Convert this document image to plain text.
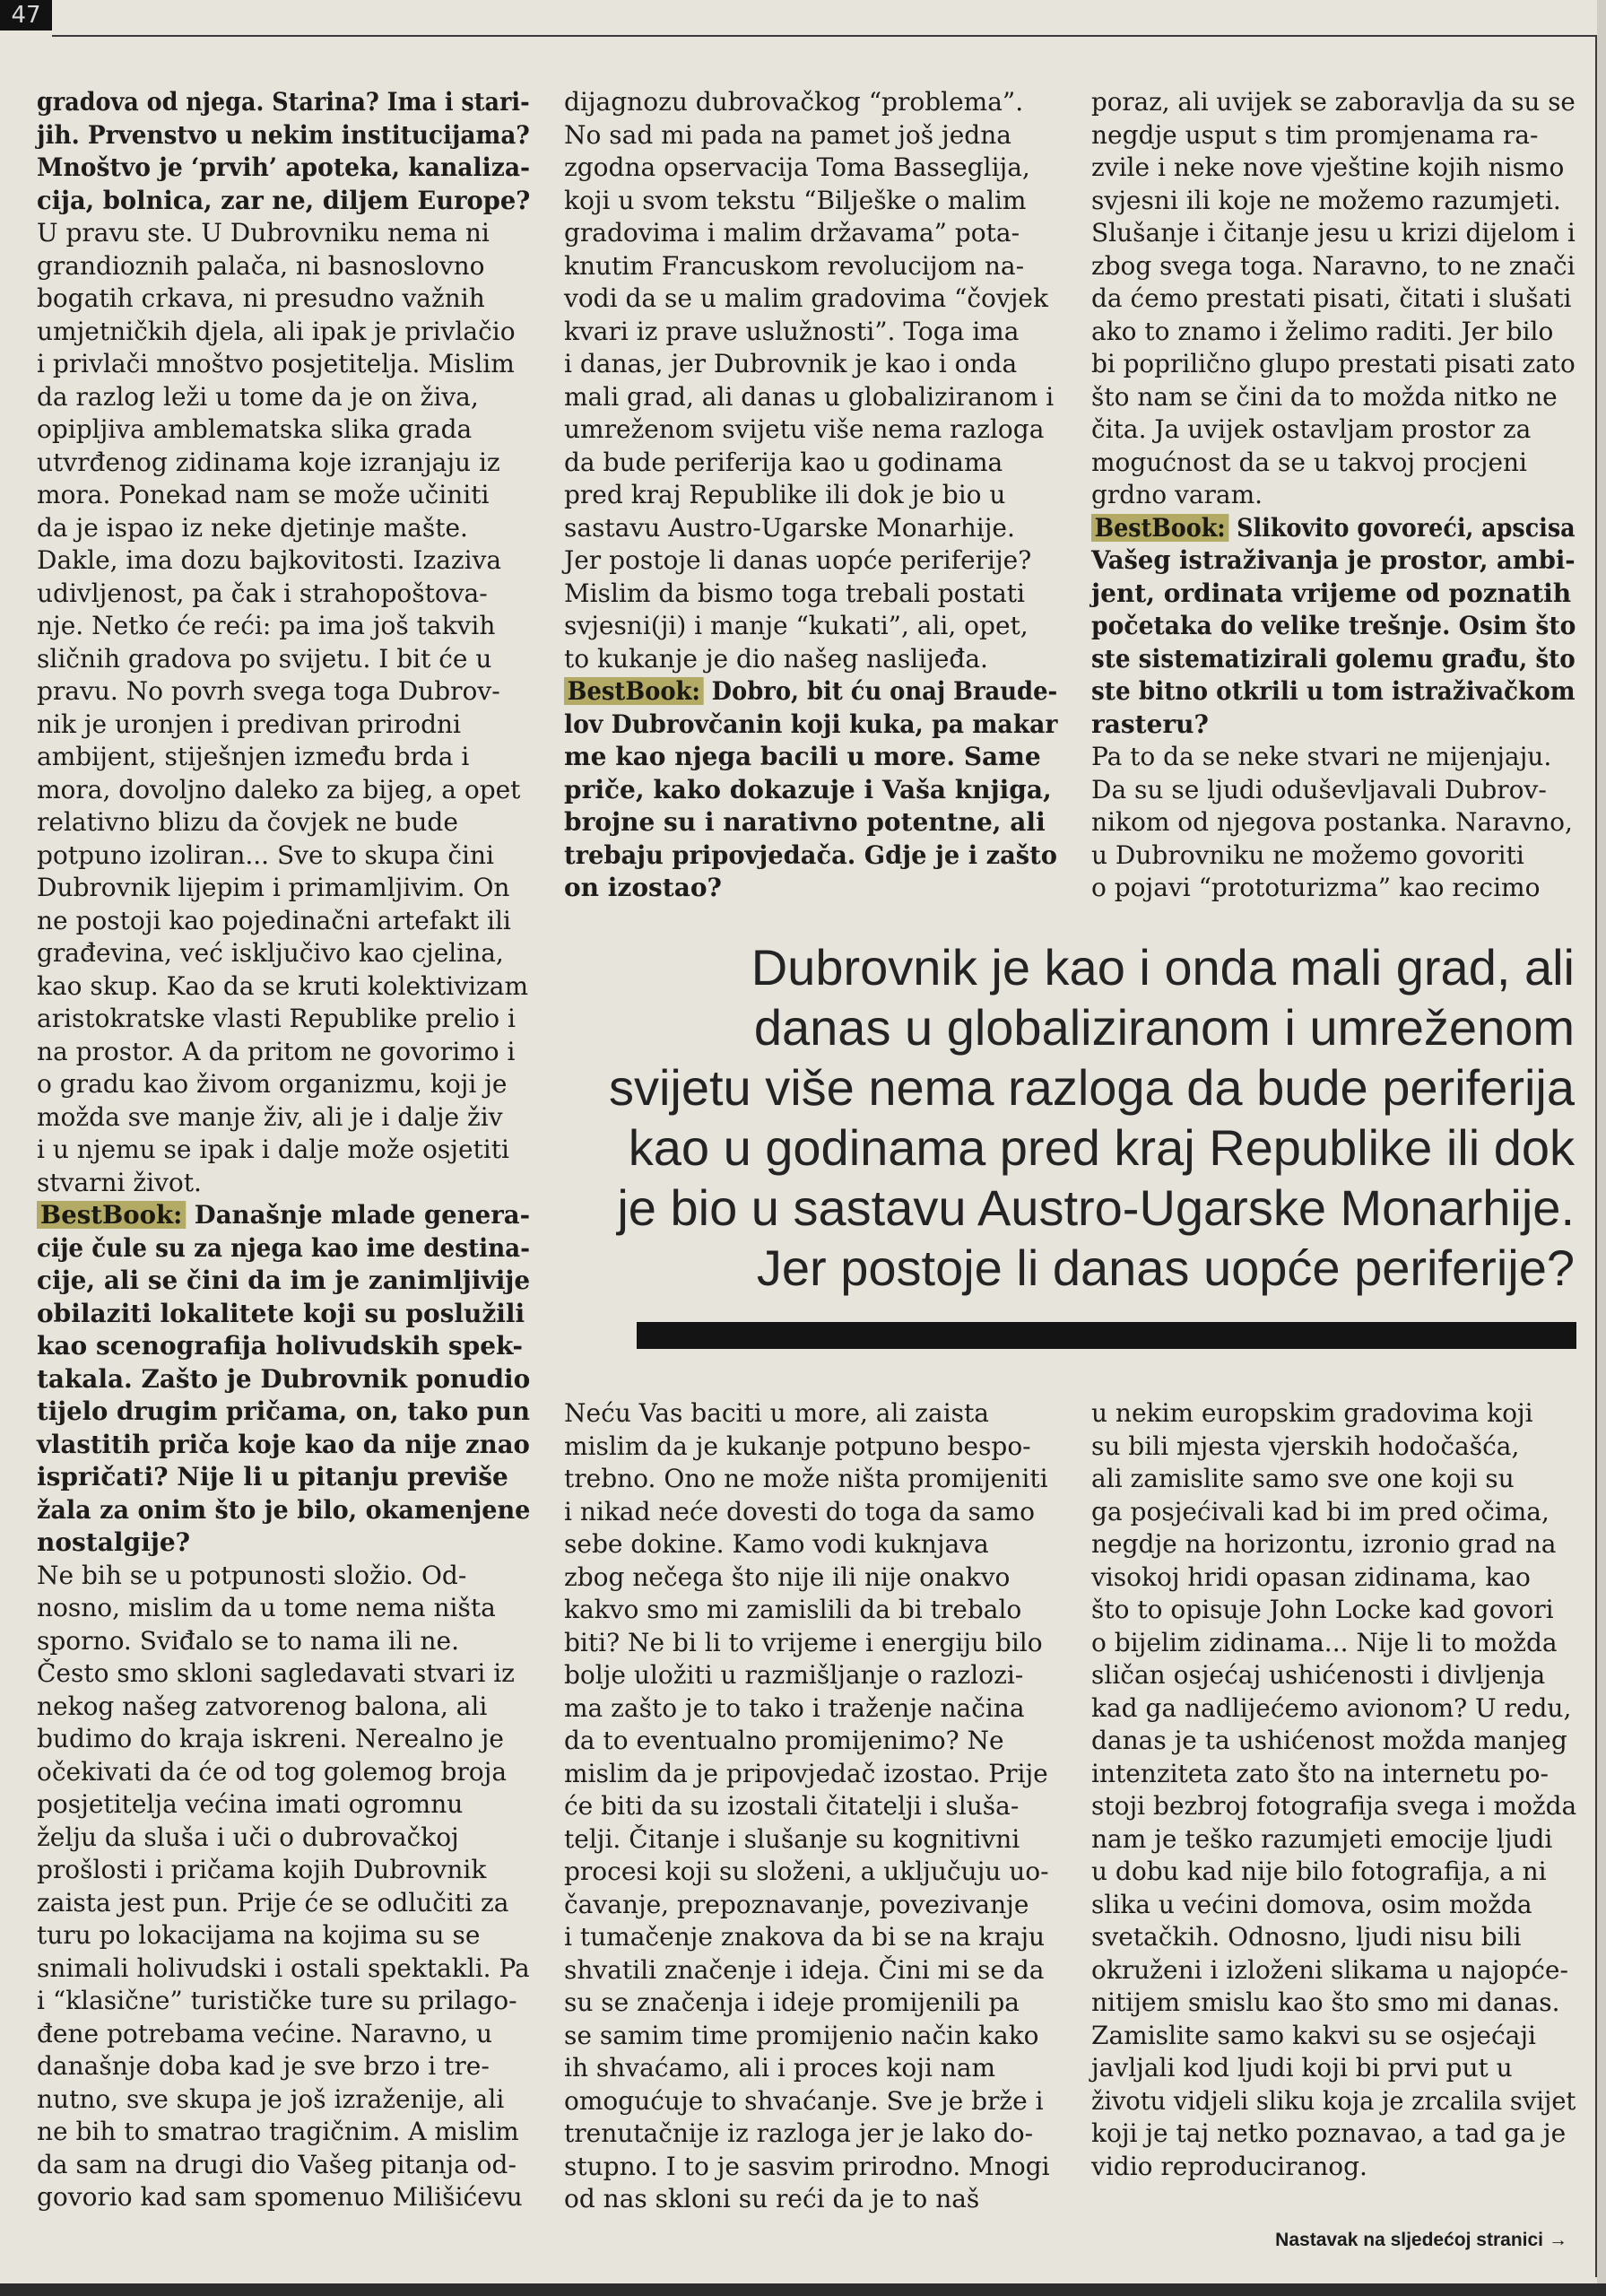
47
gradova od njega. Starina? Ima i stari-
jih. Prvenstvo u nekim institucijama?
Mnoštvo je ‘prvih’ apoteka, kanaliza-
cija, bolnica, zar ne, diljem Europe?
U pravu ste. U Dubrovniku nema ni
grandioznih palača, ni basnoslovno
bogatih crkava, ni presudno važnih
umjetničkih djela, ali ipak je privlačio
i privlači mnoštvo posjetitelja. Mislim
da razlog leži u tome da je on živa,
opipljiva amblematska slika grada
utvrđenog zidinama koje izranjaju iz
mora. Ponekad nam se može učiniti
da je ispao iz neke djetinje mašte.
Dakle, ima dozu bajkovitosti. Izaziva
udivljenost, pa čak i strahopoštova-
nje. Netko će reći: pa ima još takvih
sličnih gradova po svijetu. I bit će u
pravu. No povrh svega toga Dubrov-
nik je uronjen i predivan prirodni
ambijent, stiješnjen između brda i
mora, dovoljno daleko za bijeg, a opet
relativno blizu da čovjek ne bude
potpuno izoliran... Sve to skupa čini
Dubrovnik lijepim i primamljivim. On
ne postoji kao pojedinačni artefakt ili
građevina, već isključivo kao cjelina,
kao skup. Kao da se kruti kolektivizam
aristokratske vlasti Republike prelio i
na prostor. A da pritom ne govorimo i
o gradu kao živom organizmu, koji je
možda sve manje živ, ali je i dalje živ
i u njemu se ipak i dalje može osjetiti
stvarni život.
BestBook: Današnje mlade genera-
cije čule su za njega kao ime destina-
cije, ali se čini da im je zanimljivije
obilaziti lokalitete koji su poslužili
kao scenografija holivudskih spek-
takala. Zašto je Dubrovnik ponudio
tijelo drugim pričama, on, tako pun
vlastitih priča koje kao da nije znao
ispričati? Nije li u pitanju previše
žala za onim što je bilo, okamenjene
nostalgije?
Ne bih se u potpunosti složio. Od-
nosno, mislim da u tome nema ništa
sporno. Sviđalo se to nama ili ne.
Često smo skloni sagledavati stvari iz
nekog našeg zatvorenog balona, ali
budimo do kraja iskreni. Nerealno je
očekivati da će od tog golemog broja
posjetitelja većina imati ogromnu
želju da sluša i uči o dubrovačkoj
prošlosti i pričama kojih Dubrovnik
zaista jest pun. Prije će se odlučiti za
turu po lokacijama na kojima su se
snimali holivudski i ostali spektakli. Pa
i “klasične” turističke ture su prilago-
đene potrebama većine. Naravno, u
današnje doba kad je sve brzo i tre-
nutno, sve skupa je još izraženije, ali
ne bih to smatrao tragičnim. A mislim
da sam na drugi dio Vašeg pitanja od-
govorio kad sam spomenuo Milišićevu
dijagnozu dubrovačkog “problema”.
No sad mi pada na pamet još jedna
zgodna opservacija Toma Basseglija,
koji u svom tekstu “Bilješke o malim
gradovima i malim državama” pota-
knutim Francuskom revolucijom na-
vodi da se u malim gradovima “čovjek
kvari iz prave uslužnosti”. Toga ima
i danas, jer Dubrovnik je kao i onda
mali grad, ali danas u globaliziranom i
umreženom svijetu više nema razloga
da bude periferija kao u godinama
pred kraj Republike ili dok je bio u
sastavu Austro-Ugarske Monarhije.
Jer postoje li danas uopće periferije?
Mislim da bismo toga trebali postati
svjesni(ji) i manje “kukati”, ali, opet,
to kukanje je dio našeg naslijeđa.
BestBook: Dobro, bit ću onaj Braude-
lov Dubrovčanin koji kuka, pa makar
me kao njega bacili u more. Same
priče, kako dokazuje i Vaša knjiga,
brojne su i narativno potentne, ali
trebaju pripovjedača. Gdje je i zašto
on izostao?
poraz, ali uvijek se zaboravlja da su se
negdje usput s tim promjenama ra-
zvile i neke nove vještine kojih nismo
svjesni ili koje ne možemo razumjeti.
Slušanje i čitanje jesu u krizi dijelom i
zbog svega toga. Naravno, to ne znači
da ćemo prestati pisati, čitati i slušati
ako to znamo i želimo raditi. Jer bilo
bi poprilično glupo prestati pisati zato
što nam se čini da to možda nitko ne
čita. Ja uvijek ostavljam prostor za
mogućnost da se u takvoj procjeni
grdno varam.
BestBook: Slikovito govoreći, apscisa
Vašeg istraživanja je prostor, ambi-
jent, ordinata vrijeme od poznatih
početaka do velike trešnje. Osim što
ste sistematizirali golemu građu, što
ste bitno otkrili u tom istraživačkom
rasteru?
Pa to da se neke stvari ne mijenjaju.
Da su se ljudi oduševljavali Dubrov-
nikom od njegova postanka. Naravno,
u Dubrovniku ne možemo govoriti
o pojavi “prototurizma” kao recimo
Dubrovnik je kao i onda mali grad, ali
danas u globaliziranom i umreženom
svijetu više nema razloga da bude periferija
kao u godinama pred kraj Republike ili dok
je bio u sastavu Austro-Ugarske Monarhije.
Jer postoje li danas uopće periferije?
Neću Vas baciti u more, ali zaista
mislim da je kukanje potpuno bespo-
trebno. Ono ne može ništa promijeniti
i nikad neće dovesti do toga da samo
sebe dokine. Kamo vodi kuknjava
zbog nečega što nije ili nije onakvo
kakvo smo mi zamislili da bi trebalo
biti? Ne bi li to vrijeme i energiju bilo
bolje uložiti u razmišljanje o razlozi-
ma zašto je to tako i traženje načina
da to eventualno promijenimo? Ne
mislim da je pripovjedač izostao. Prije
će biti da su izostali čitatelji i sluša-
telji. Čitanje i slušanje su kognitivni
procesi koji su složeni, a uključuju uo-
čavanje, prepoznavanje, povezivanje
i tumačenje znakova da bi se na kraju
shvatili značenje i ideja. Čini mi se da
su se značenja i ideje promijenili pa
se samim time promijenio način kako
ih shvaćamo, ali i proces koji nam
omogućuje to shvaćanje. Sve je brže i
trenutačnije iz razloga jer je lako do-
stupno. I to je sasvim prirodno. Mnogi
od nas skloni su reći da je to naš
u nekim europskim gradovima koji
su bili mjesta vjerskih hodočašća,
ali zamislite samo sve one koji su
ga posjećivali kad bi im pred očima,
negdje na horizontu, izronio grad na
visokoj hridi opasan zidinama, kao
što to opisuje John Locke kad govori
o bijelim zidinama... Nije li to možda
sličan osjećaj ushićenosti i divljenja
kad ga nadlijećemo avionom? U redu,
danas je ta ushićenost možda manjeg
intenziteta zato što na internetu po-
stoji bezbroj fotografija svega i možda
nam je teško razumjeti emocije ljudi
u dobu kad nije bilo fotografija, a ni
slika u većini domova, osim možda
svetačkih. Odnosno, ljudi nisu bili
okruženi i izloženi slikama u najopće-
nitijem smislu kao što smo mi danas.
Zamislite samo kakvi su se osjećaji
javljali kod ljudi koji bi prvi put u
životu vidjeli sliku koja je zrcalila svijet
koji je taj netko poznavao, a tad ga je
vidio reproduciranog.
Nastavak na sljedećoj stranici →
